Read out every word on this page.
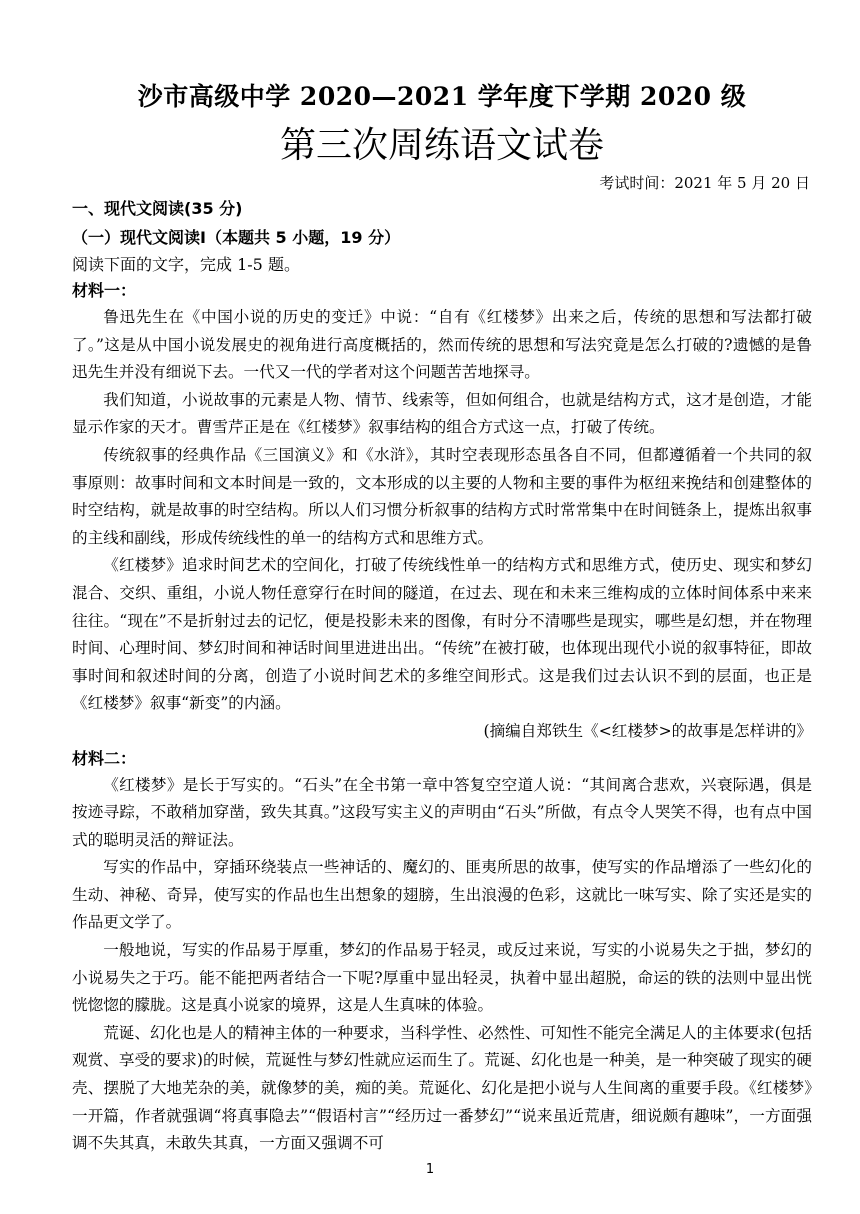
沙市高级中学 2020—2021 学年度下学期 2020 级

第三次周练语文试卷

考试时间：2021 年 5 月 20 日

一、现代文阅读(35 分)

（一）现代文阅读Ⅰ（本题共 5 小题，19 分）

阅读下面的文字，完成 1-5 题。

材料一：

鲁迅先生在《中国小说的历史的变迁》中说：“自有《红楼梦》出来之后，传统的思想和写法都打破了。”这是从中国小说发展史的视角进行高度概括的，然而传统的思想和写法究竟是怎么打破的?遗憾的是鲁迅先生并没有细说下去。一代又一代的学者对这个问题苦苦地探寻。

我们知道，小说故事的元素是人物、情节、线索等，但如何组合，也就是结构方式，这才是创造，才能显示作家的天才。曹雪芹正是在《红楼梦》叙事结构的组合方式这一点，打破了传统。

传统叙事的经典作品《三国演义》和《水浒》，其时空表现形态虽各自不同，但都遵循着一个共同的叙事原则：故事时间和文本时间是一致的，文本形成的以主要的人物和主要的事件为枢纽来挽结和创建整体的时空结构，就是故事的时空结构。所以人们习惯分析叙事的结构方式时常常集中在时间链条上，提炼出叙事的主线和副线，形成传统线性的单一的结构方式和思维方式。

《红楼梦》追求时间艺术的空间化，打破了传统线性单一的结构方式和思维方式，使历史、现实和梦幻混合、交织、重组，小说人物任意穿行在时间的隧道，在过去、现在和未来三维构成的立体时间体系中来来往往。“现在”不是折射过去的记忆，便是投影未来的图像，有时分不清哪些是现实，哪些是幻想，并在物理时间、心理时间、梦幻时间和神话时间里进进出出。“传统”在被打破，也体现出现代小说的叙事特征，即故事时间和叙述时间的分离，创造了小说时间艺术的多维空间形式。这是我们过去认识不到的层面，也正是《红楼梦》叙事“新变”的内涵。

(摘编自郑铁生《<红楼梦>的故事是怎样讲的》

材料二：

《红楼梦》是长于写实的。“石头”在全书第一章中答复空空道人说：“其间离合悲欢，兴衰际遇，俱是按迹寻踪，不敢稍加穿凿，致失其真。”这段写实主义的声明由“石头”所做，有点令人哭笑不得，也有点中国式的聪明灵活的辩证法。

写实的作品中，穿插环绕装点一些神话的、魔幻的、匪夷所思的故事，使写实的作品增添了一些幻化的生动、神秘、奇异，使写实的作品也生出想象的翅膀，生出浪漫的色彩，这就比一味写实、除了实还是实的作品更文学了。

一般地说，写实的作品易于厚重，梦幻的作品易于轻灵，或反过来说，写实的小说易失之于拙，梦幻的小说易失之于巧。能不能把两者结合一下呢?厚重中显出轻灵，执着中显出超脱，命运的铁的法则中显出恍恍惚惚的朦胧。这是真小说家的境界，这是人生真味的体验。

荒诞、幻化也是人的精神主体的一种要求，当科学性、必然性、可知性不能完全满足人的主体要求(包括观赏、享受的要求)的时候，荒诞性与梦幻性就应运而生了。荒诞、幻化也是一种美，是一种突破了现实的硬壳、摆脱了大地芜杂的美，就像梦的美，痴的美。荒诞化、幻化是把小说与人生间离的重要手段。《红楼梦》一开篇，作者就强调“将真事隐去”“假语村言”“经历过一番梦幻”“说来虽近荒唐，细说颇有趣味”，一方面强调不失其真，未敢失其真，一方面又强调不可

1
